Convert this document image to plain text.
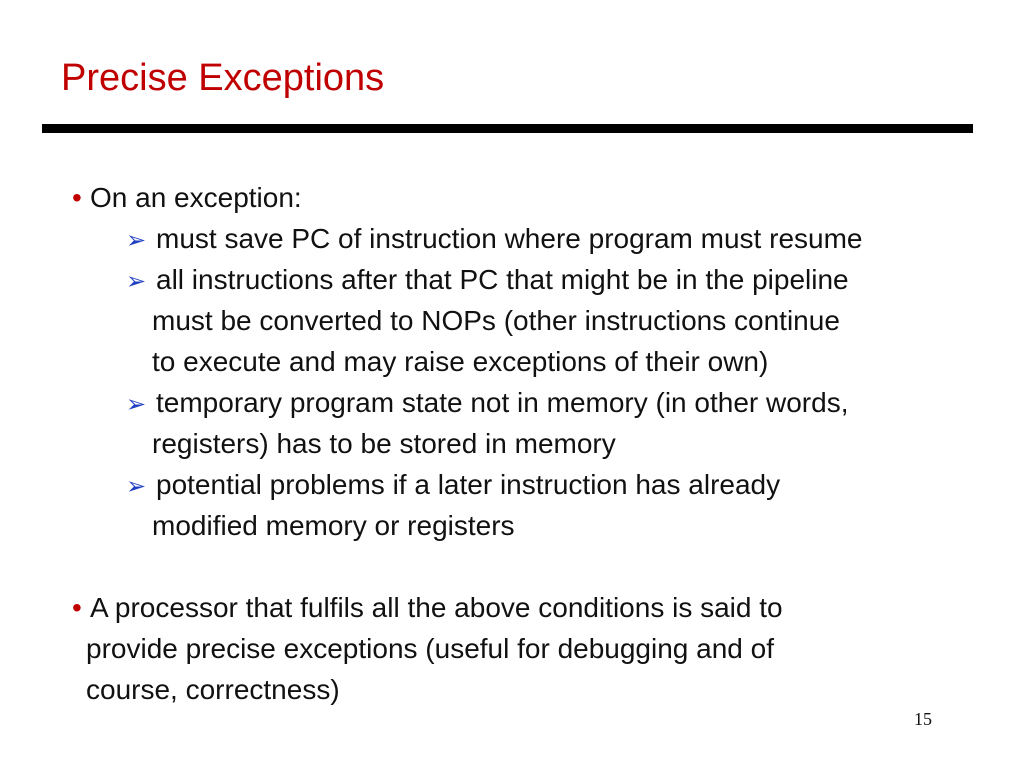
Precise Exceptions
• On an exception:
➢ must save PC of instruction where program must resume
➢ all instructions after that PC that might be in the pipeline
must be converted to NOPs (other instructions continue
to execute and may raise exceptions of their own)
➢ temporary program state not in memory (in other words,
registers) has to be stored in memory
➢ potential problems if a later instruction has already
modified memory or registers
• A processor that fulfils all the above conditions is said to
provide precise exceptions (useful for debugging and of
course, correctness)
15
